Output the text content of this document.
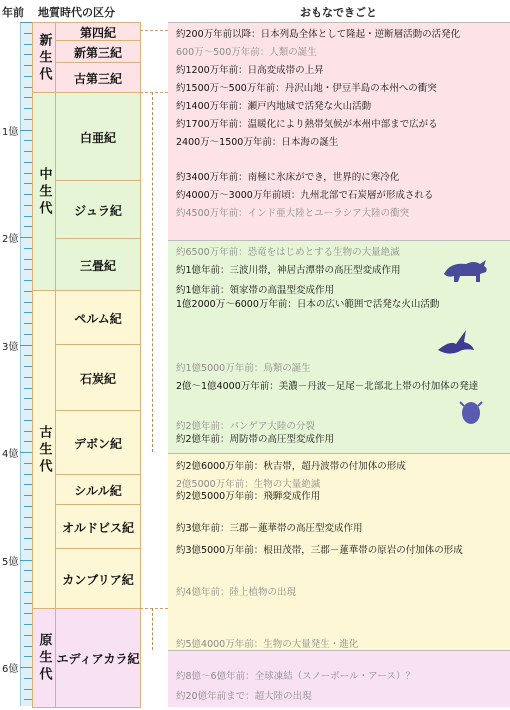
年前 地質時代の区分	おもなできごと
1億
2億
3億
4億
5億
6億
新生代
中生代
古生代
原生代
第四紀
新第三紀
古第三紀
白亜紀
ジュラ紀
三畳紀
ペルム紀
石炭紀
デボン紀
シルル紀
オルドビス紀
カンブリア紀
エディアカラ紀
約200万年前以降：日本列島全体として隆起・逆断層活動の活発化
600万～500万年前：人類の誕生
約1200万年前：日高変成帯の上昇
約1500万～500万年前：丹沢山地・伊豆半島の本州への衝突
約1400万年前：瀬戸内地域で活発な火山活動
約1700万年前：温暖化により熱帯気候が本州中部まで広がる
2400万～1500万年前：日本海の誕生
約3400万年前：南極に氷床ができ，世界的に寒冷化
約4000万～3000万年前頃：九州北部で石炭層が形成される
約4500万年前：インド亜大陸とユーラシア大陸の衝突
約6500万年前：恐竜をはじめとする生物の大量絶滅
約1億年前：三波川帯，神居古潭帯の高圧型変成作用
約1億年前：領家帯の高温型変成作用
1億2000万～6000万年前：日本の広い範囲で活発な火山活動
約1億5000万年前：鳥類の誕生
2億～1億4000万年前：美濃－丹波－足尾－北部北上帯の付加体の発達
約2億年前：パンゲア大陸の分裂
約2億年前：周防帯の高圧型変成作用
約2億6000万年前：秋吉帯，超丹波帯の付加体の形成
2億5000万年前：生物の大量絶滅
約2億5000万年前：飛騨変成作用
約3億年前：三郡－蓮華帯の高圧型変成作用
約3億5000万年前：根田茂帯，三郡－蓮華帯の原岩の付加体の形成
約4億年前：陸上植物の出現
約5億4000万年前：生物の大量発生・進化
約8億～6億年前：全球凍結（スノーボール・アース）？
約20億年前まで：超大陸の出現
